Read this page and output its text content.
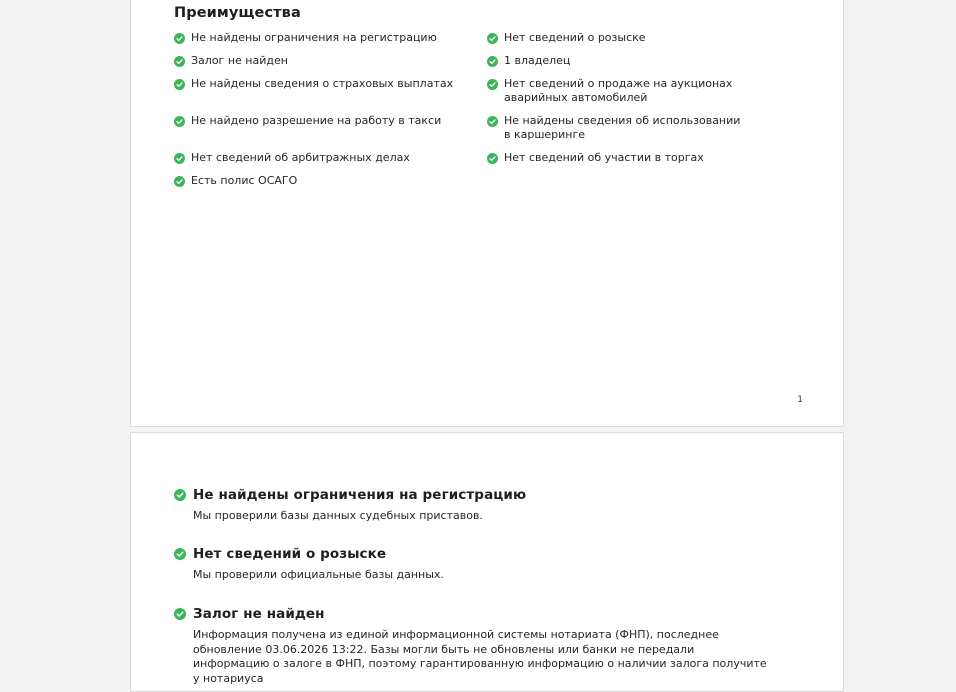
Преимущества
Не найдены ограничения на регистрацию	Нет сведений о розыске
Залог не найден	1 владелец
Не найдены сведения о страховых выплатах	Нет сведений о продаже на аукционах аварийных автомобилей
Не найдено разрешение на работу в такси	Не найдены сведения об использовании в каршеринге
Нет сведений об арбитражных делах	Нет сведений об участии в торгах
Есть полис ОСАГО
1
Не найдены ограничения на регистрацию
Мы проверили базы данных судебных приставов.
Нет сведений о розыске
Мы проверили официальные базы данных.
Залог не найден
Информация получена из единой информационной системы нотариата (ФНП), последнее обновление 03.06.2026 13:22. Базы могли быть не обновлены или банки не передали информацию о залоге в ФНП, поэтому гарантированную информацию о наличии залога получите у нотариуса
